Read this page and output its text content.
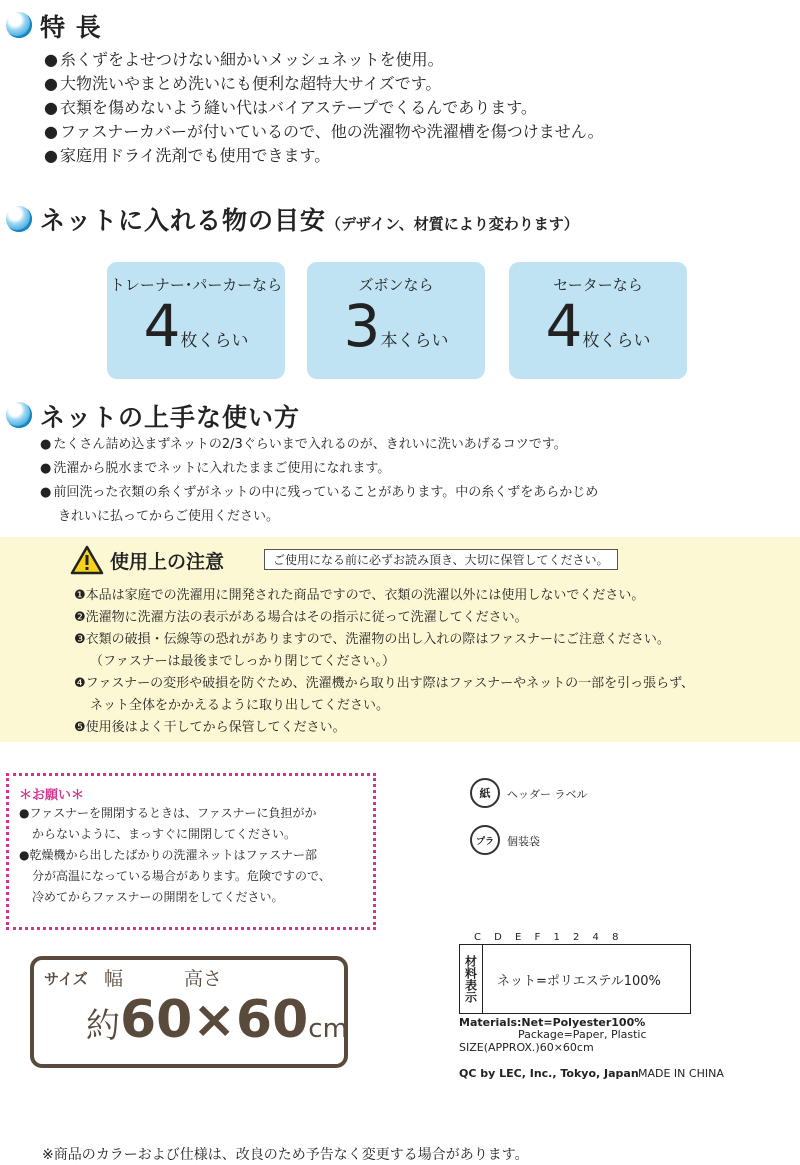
特 長
● 糸くずをよせつけない細かいメッシュネットを使用。
● 大物洗いやまとめ洗いにも便利な超特大サイズです。
● 衣類を傷めないよう縫い代はバイアステープでくるんであります。
● ファスナーカバーが付いているので、他の洗濯物や洗濯槽を傷つけません。
● 家庭用ドライ洗剤でも使用できます。
ネットに入れる物の目安（デザイン、材質により変わります）
トレーナー･パーカーなら
4枚くらい
ズボンなら
3本くらい
セーターなら
4枚くらい
ネットの上手な使い方
● たくさん詰め込まずネットの2/3ぐらいまで入れるのが、きれいに洗いあげるコツです。
● 洗濯から脱水までネットに入れたままご使用になれます。
● 前回洗った衣類の糸くずがネットの中に残っていることがあります。中の糸くずをあらかじめ
きれいに払ってからご使用ください。
使用上の注意	ご使用になる前に必ずお読み頂き、大切に保管してください。
❶本品は家庭での洗濯用に開発された商品ですので、衣類の洗濯以外には使用しないでください。
❷洗濯物に洗濯方法の表示がある場合はその指示に従って洗濯してください。
❸衣類の破損・伝線等の恐れがありますので、洗濯物の出し入れの際はファスナーにご注意ください。
（ファスナーは最後までしっかり閉じてください。）
❹ファスナーの変形や破損を防ぐため、洗濯機から取り出す際はファスナーやネットの一部を引っ張らず、
ネット全体をかかえるように取り出してください。
❺使用後はよく干してから保管してください。
＊お願い＊
● ファスナーを開閉するときは、ファスナーに負担がか
からないように、まっすぐに開閉してください。
● 乾燥機から出したばかりの洗濯ネットはファスナー部
分が高温になっている場合があります。危険ですので、
冷めてからファスナーの開閉をしてください。
紙	ヘッダー ラベル
プラ	個装袋
サイズ 幅	高さ
約60×60cm
C D E F 1 2 4 8
材料表示	ネット=ポリエステル100%
Materials:Net=Polyester100%
Package=Paper, Plastic
SIZE(APPROX.)60×60cm
QC by LEC, Inc., Tokyo, Japan MADE IN CHINA
※商品のカラーおよび仕様は、改良のため予告なく変更する場合があります。
